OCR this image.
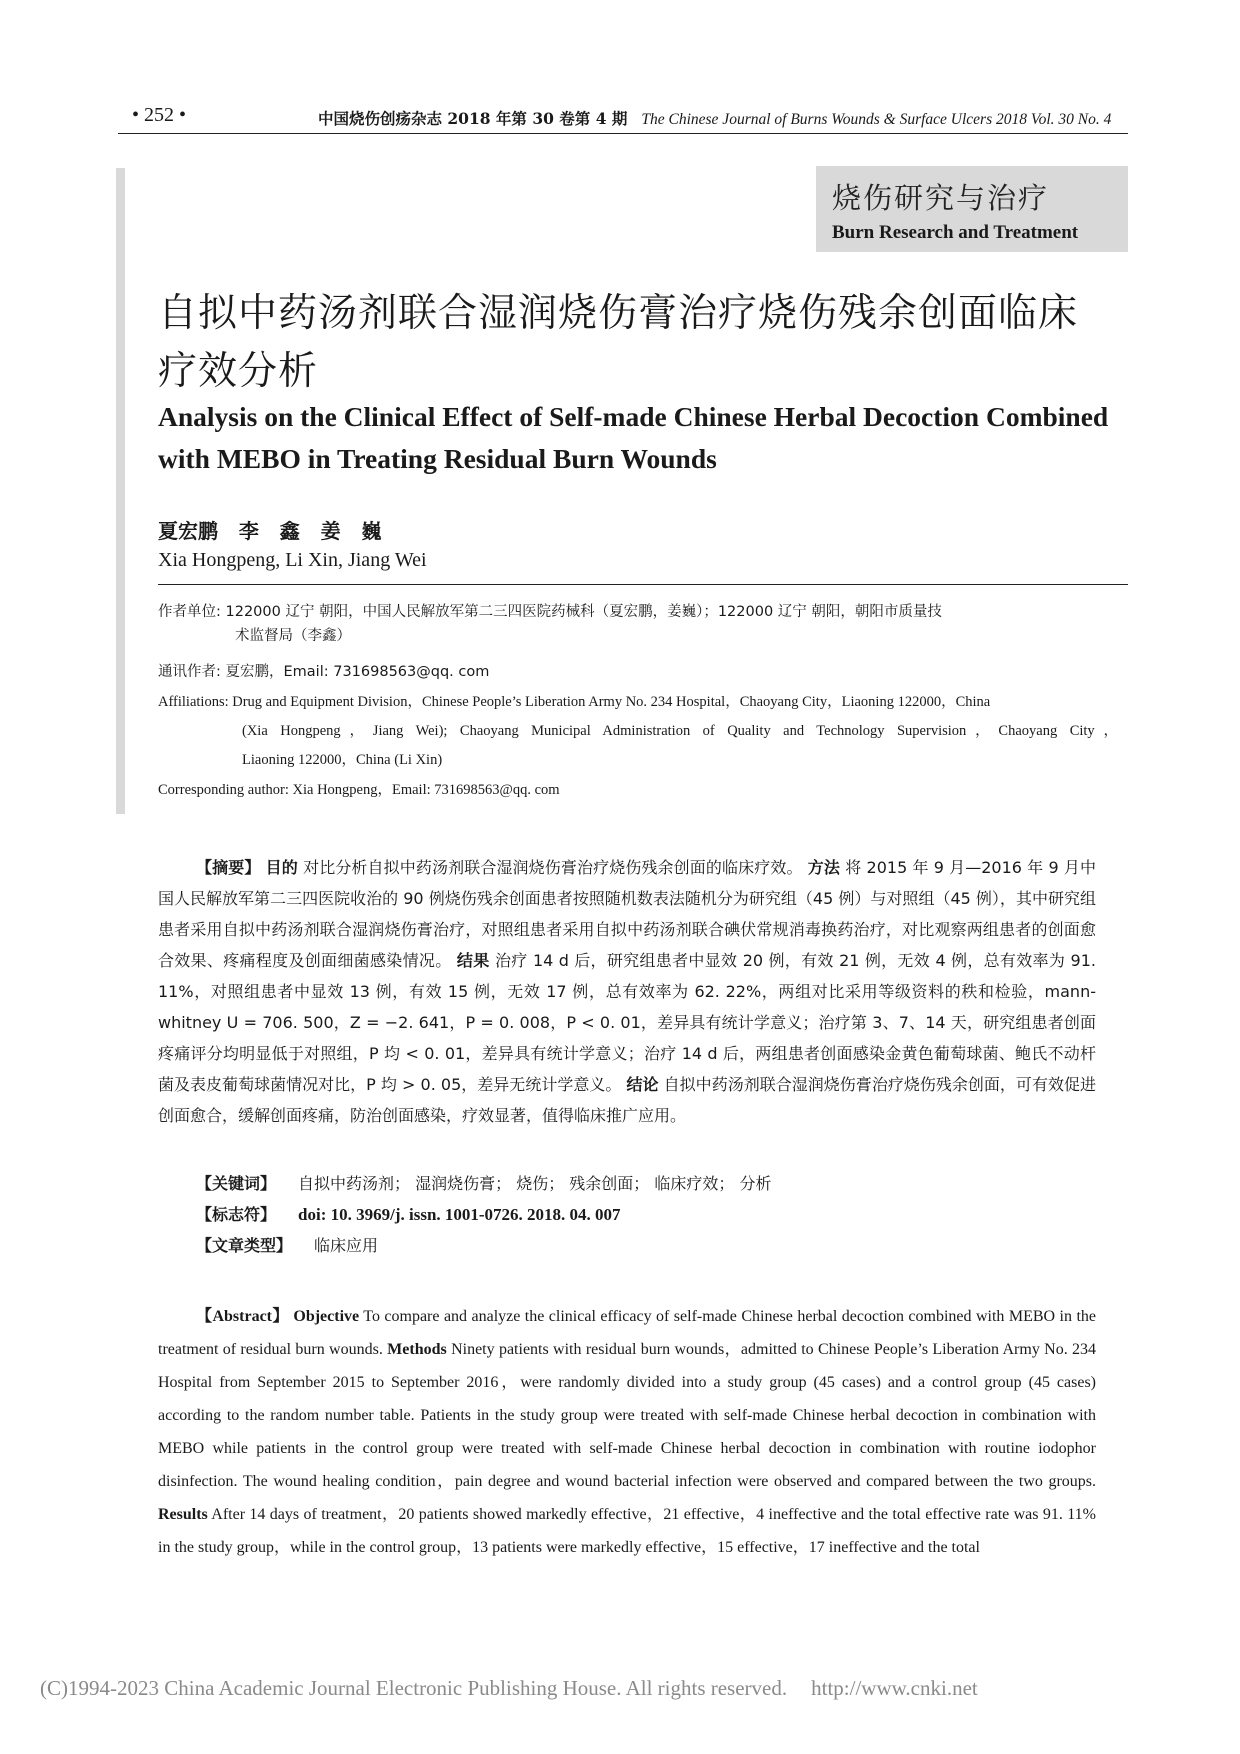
• 252 •	中国烧伤创疡杂志 2018 年第 30 卷第 4 期 The Chinese Journal of Burns Wounds & Surface Ulcers 2018 Vol. 30 No. 4
烧伤研究与治疗
Burn Research and Treatment
自拟中药汤剂联合湿润烧伤膏治疗烧伤残余创面临床疗效分析
Analysis on the Clinical Effect of Self-made Chinese Herbal Decoction Combined with MEBO in Treating Residual Burn Wounds
夏宏鹏   李   鑫   姜   巍
Xia Hongpeng, Li Xin, Jiang Wei
作者单位: 122000 辽宁 朝阳，中国人民解放军第二三四医院药械科（夏宏鹏，姜巍）；122000 辽宁 朝阳，朝阳市质量技
术监督局（李鑫）
通讯作者: 夏宏鹏，Email: 731698563@qq. com
Affiliations: Drug and Equipment Division，Chinese People’s Liberation Army No. 234 Hospital，Chaoyang City，Liaoning 122000，China
(Xia Hongpeng，Jiang Wei); Chaoyang Municipal Administration of Quality and Technology Supervision，Chaoyang City，
Liaoning 122000，China (Li Xin)
Corresponding author: Xia Hongpeng，Email: 731698563@qq. com

【摘要】 目的 对比分析自拟中药汤剂联合湿润烧伤膏治疗烧伤残余创面的临床疗效。 方法 将 2015 年 9 月—2016 年 9 月中国人民解放军第二三四医院收治的 90 例烧伤残余创面患者按照随机数表法随机分为研究组（45 例）与对照组（45 例），其中研究组患者采用自拟中药汤剂联合湿润烧伤膏治疗，对照组患者采用自拟中药汤剂联合碘伏常规消毒换药治疗，对比观察两组患者的创面愈合效果、疼痛程度及创面细菌感染情况。 结果 治疗 14 d 后，研究组患者中显效 20 例，有效 21 例，无效 4 例，总有效率为 91. 11%，对照组患者中显效 13 例，有效 15 例，无效 17 例，总有效率为 62. 22%，两组对比采用等级资料的秩和检验，mann-whitney U = 706. 500，Z = −2. 641，P = 0. 008，P < 0. 01，差异具有统计学意义；治疗第 3、7、14 天，研究组患者创面疼痛评分均明显低于对照组，P 均 < 0. 01，差异具有统计学意义；治疗 14 d 后，两组患者创面感染金黄色葡萄球菌、鲍氏不动杆菌及表皮葡萄球菌情况对比，P 均 > 0. 05，差异无统计学意义。 结论 自拟中药汤剂联合湿润烧伤膏治疗烧伤残余创面，可有效促进创面愈合，缓解创面疼痛，防治创面感染，疗效显著，值得临床推广应用。

【关键词】 自拟中药汤剂； 湿润烧伤膏； 烧伤； 残余创面； 临床疗效； 分析
【标志符】 doi: 10. 3969/j. issn. 1001-0726. 2018. 04. 007
【文章类型】 临床应用

【Abstract】 Objective To compare and analyze the clinical efficacy of self-made Chinese herbal decoction combined with MEBO in the treatment of residual burn wounds. Methods Ninety patients with residual burn wounds，admitted to Chinese People’s Liberation Army No. 234 Hospital from September 2015 to September 2016，were randomly divided into a study group (45 cases) and a control group (45 cases) according to the random number table. Patients in the study group were treated with self-made Chinese herbal decoction in combination with MEBO while patients in the control group were treated with self-made Chinese herbal decoction in combination with routine iodophor disinfection. The wound healing condition，pain degree and wound bacterial infection were observed and compared between the two groups. Results After 14 days of treatment，20 patients showed markedly effective，21 effective，4 ineffective and the total effective rate was 91. 11% in the study group，while in the control group，13 patients were markedly effective，15 effective，17 ineffective and the total

(C)1994-2023 China Academic Journal Electronic Publishing House. All rights reserved. http://www.cnki.net
